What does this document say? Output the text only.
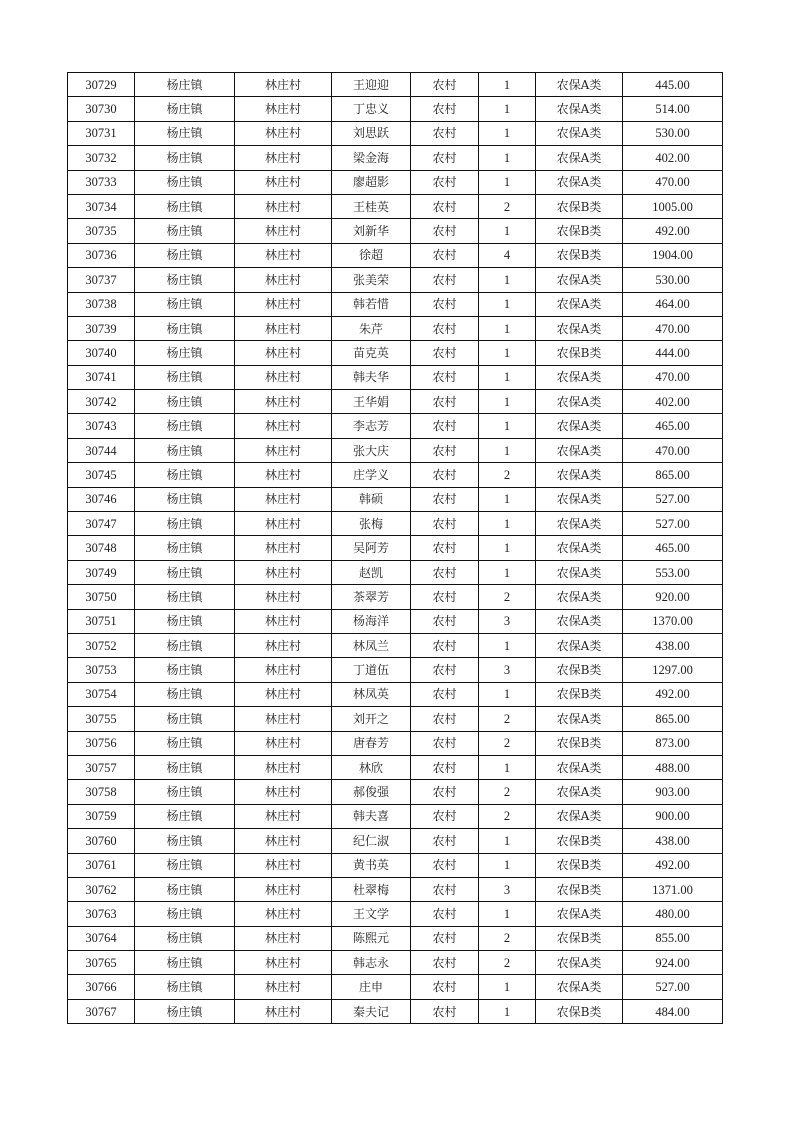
30729	杨庄镇	林庄村	王迎迎	农村	1	农保A类	445.00
30730	杨庄镇	林庄村	丁忠义	农村	1	农保A类	514.00
30731	杨庄镇	林庄村	刘思跃	农村	1	农保A类	530.00
30732	杨庄镇	林庄村	梁金海	农村	1	农保A类	402.00
30733	杨庄镇	林庄村	廖超影	农村	1	农保A类	470.00
30734	杨庄镇	林庄村	王桂英	农村	2	农保B类	1005.00
30735	杨庄镇	林庄村	刘新华	农村	1	农保B类	492.00
30736	杨庄镇	林庄村	徐超	农村	4	农保B类	1904.00
30737	杨庄镇	林庄村	张美荣	农村	1	农保A类	530.00
30738	杨庄镇	林庄村	韩若惜	农村	1	农保A类	464.00
30739	杨庄镇	林庄村	朱芹	农村	1	农保A类	470.00
30740	杨庄镇	林庄村	苗克英	农村	1	农保B类	444.00
30741	杨庄镇	林庄村	韩夫华	农村	1	农保A类	470.00
30742	杨庄镇	林庄村	王华娟	农村	1	农保A类	402.00
30743	杨庄镇	林庄村	李志芳	农村	1	农保A类	465.00
30744	杨庄镇	林庄村	张大庆	农村	1	农保A类	470.00
30745	杨庄镇	林庄村	庄学义	农村	2	农保A类	865.00
30746	杨庄镇	林庄村	韩硕	农村	1	农保A类	527.00
30747	杨庄镇	林庄村	张梅	农村	1	农保A类	527.00
30748	杨庄镇	林庄村	吴阿芳	农村	1	农保A类	465.00
30749	杨庄镇	林庄村	赵凯	农村	1	农保A类	553.00
30750	杨庄镇	林庄村	茶翠芳	农村	2	农保A类	920.00
30751	杨庄镇	林庄村	杨海洋	农村	3	农保A类	1370.00
30752	杨庄镇	林庄村	林凤兰	农村	1	农保A类	438.00
30753	杨庄镇	林庄村	丁道伍	农村	3	农保B类	1297.00
30754	杨庄镇	林庄村	林凤英	农村	1	农保B类	492.00
30755	杨庄镇	林庄村	刘开之	农村	2	农保A类	865.00
30756	杨庄镇	林庄村	唐春芳	农村	2	农保B类	873.00
30757	杨庄镇	林庄村	林欣	农村	1	农保A类	488.00
30758	杨庄镇	林庄村	郝俊强	农村	2	农保A类	903.00
30759	杨庄镇	林庄村	韩夫喜	农村	2	农保A类	900.00
30760	杨庄镇	林庄村	纪仁淑	农村	1	农保B类	438.00
30761	杨庄镇	林庄村	黄书英	农村	1	农保B类	492.00
30762	杨庄镇	林庄村	杜翠梅	农村	3	农保B类	1371.00
30763	杨庄镇	林庄村	王文学	农村	1	农保A类	480.00
30764	杨庄镇	林庄村	陈熙元	农村	2	农保B类	855.00
30765	杨庄镇	林庄村	韩志永	农村	2	农保A类	924.00
30766	杨庄镇	林庄村	庄申	农村	1	农保A类	527.00
30767	杨庄镇	林庄村	秦夫记	农村	1	农保B类	484.00
